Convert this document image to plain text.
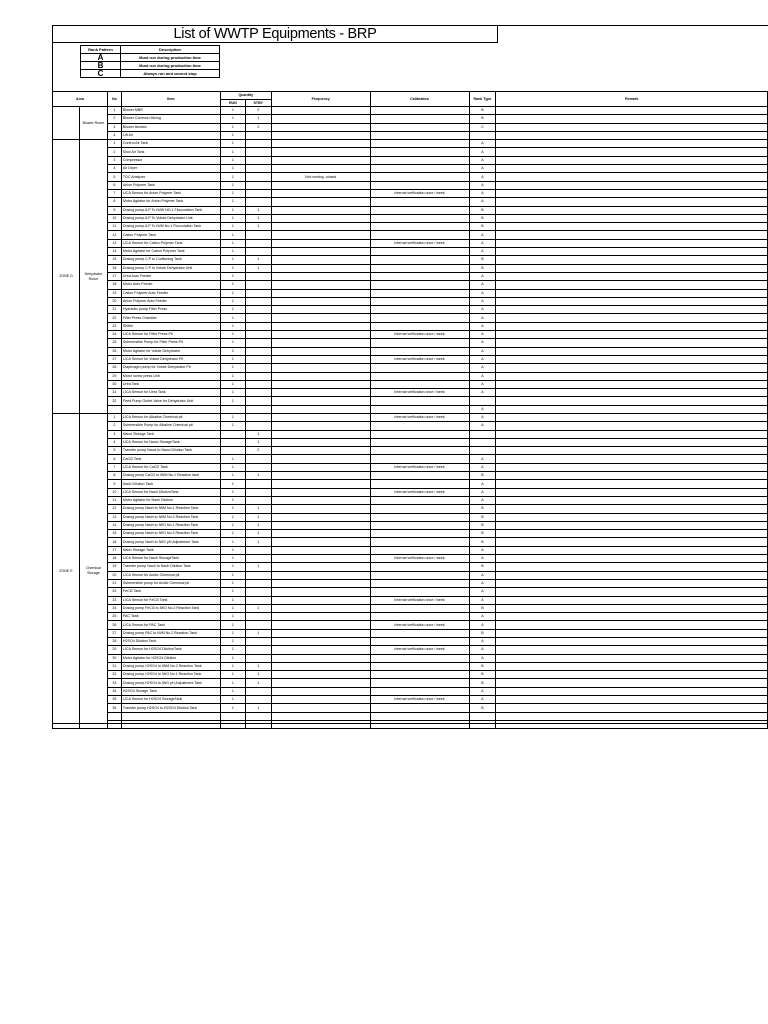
List of WWTP Equipments - BRP
Rank Pattern	Description
A	Must run during production time
B	Must run during production time
C	Always run and cannot stop
Area		No	Item	Quantity		Frequency	Calibration	Rank Type	Remark
				RUN	STBY				
	Blower Room	1	Blower MBR	1	2			B	
		2	Blower Common Mixing	1	1			B	
		3	Blower Aerobic	1	2			C	
		4	Lift Air	1					
ZONE D	Dehydrator Room	1	Control Air Tank	1				A	
		2	Slow Air Tank	1				A	
		3	Compressor	1				A	
		4	Air Dryer	1				A	
		5	TOC Analyzer	1		Not running -closed		A	
		6	Anion Polymer Tank	1				A	
		7	LICA Sensor for Anion Polymer Tank	1			Internal verification once / week	A	
		8	Motor Agitator for Anion Polymer Tank	1				A	
		9	Dosing pump A.P To IWW NO.1 Flocculation Tank	1	1			B	
		10	Dosing pump A.P To Volute Dehydrator Unit	1	1			B	
		11	Dosing pump A.P To IWM No.1 Flocculation Tank	1	1			B	
		12	Cation Polymer Tank	1				A	
		13	LICA Sensor for Cation Polymer Tank	1			Internal verification once / week	A	
		14	Motor Agitator for Cation Polymer Tank	1				A	
		15	Dosing pump C.P to Codtioning Tank	1	1			B	
		16	Dosing pump C.P to Volute Dehydrator Unit	1	1			B	
		17	Urea Auto Feeder	1				A	
		18	Motor Auto Feeder	1				A	
		19	Cation Polymer Auto Feeder	1				A	
		20	Anion Polymer Auto Feeder	1				A	
		21	Hydraulic pump Filter Press	1				A	
		22	Filter Press Chamber	1				A	
		23	Shifter	1				A	
		24	LICA Sensor for Filter Press Pit	1			Internal verification once / week	A	
		25	Submersible Pump for Filter Press Pit	1				A	
		26	Motor Agitator for Volute Dehydrator	2				A	
		27	LICA Sensor for Volute Dehydrator Pit	1			Internal verification once / week	A	
		28	Diaphragm pump for Volute Dehydrator Pit	1				A	
		29	Motor screw press Unit	1				A	
		30	Urea Tank	1				A	
		31	LICA Sensor for Urea Tank	1			Internal verification once / week	A	
		32	Feed Pump Outlet Valve for Dehydrator Unit	1					
								A	
ZONE E	Chemical Storage	1	LICA Sensor for Alkaline Chemical pit	1			Internal verification once / week	A	
		2	Submersible Pump for Alkaline Chemical pit	1				A	
		3	Naoci Storage Tank		1				
		4	LICA Sensor for Naoci StorageTank		1				
		5	Transfer pump Naoci to Naoci Dilution Tank		2				
		6	CaCl2 Tank	1				A	
		7	LICA Sensor for CaCl2 Tank	1			Internal verification once / week	A	
		8	Dosing pump CaCl2 to IWM No.1 Reaction tank	1	1			B	
		9	Naoh Dilution Tank	1				A	
		10	LICA Sensor for Naoh DilutionTank	1			Internal verification once / week	A	
		11	Motor Agitator for Naoh Dilution	1				A	
		12	Dosing pump Naoh to IWM No.1 Reaction Tank	1	1			B	
		13	Dosing pump Naoh to IWM No.2 Reaction Tank	1	1			B	
		14	Dosing pump Naoh to IWO No.1 Reaction Tank	1	1			B	
		15	Dosing pump Naoh to IWO No.2 Reaction Tank	1	1			B	
		16	Dosing pump Naoh to IWG pH Adjustment Tank	1	1			B	
		17	Naoh Storage Tank	1				A	
		18	LICA Sensor for Naoh StorageTank	1			Internal verification once / week	A	
		19	Transfer pump Naoh to Naoh Dilution Tank	1	1			B	
		20	LICA Sensor for Acidic Chemical pit	1				A	
		21	Submersible pump for Acidic Chemical pit	1				A	
		22	FeCl3 Tank	1				A	
		23	LICA Sensor for FeCl3 Tank	1			Internal verification once / week	A	
		24	Dosing pump FeCl3 to IWO No.2 Reaction Tank	1	1			B	
		25	PAC Tank	1				A	
		26	LICA Sensor for PAC Tank	1			Internal verification once / week	A	
		27	Dosing pump PAC to IWM No.2 Reaction Tank	1	1			B	
		28	H2SO4 Dilution Tank	1				A	
		29	LICA Sensor for H2SO4 DilutionTank	1			Internal verification once / week	A	
		30	Motor Agitator for H2SO4 Dilution	1				A	
		31	Dosing pump H2SO4 to IWM No.2 Reaction Tank	1	1			B	
		32	Dosing pump H2SO4 to IWO No.1 Reaction Tank	1	1			B	
		33	Dosing pump H2SO4 to IWG pH Adjustment Tank	1	1			B	
		34	H2SO4 Storage Tank	1				A	
		35	LICA Sensor for H2SO4 StorageTank	1			Internal verification once / week	A	
		36	Transfer pump H2SO4 to H2SO4 Dilution Tank	1	1			B	
